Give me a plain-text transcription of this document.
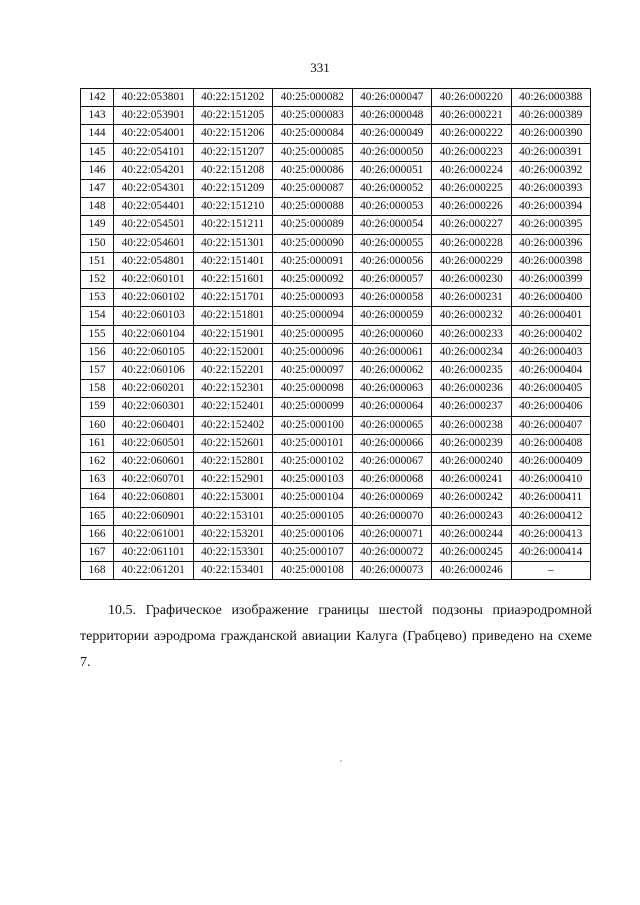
331
142	40:22:053801	40:22:151202	40:25:000082	40:26:000047	40:26:000220	40:26:000388
143	40:22:053901	40:22:151205	40:25:000083	40:26:000048	40:26:000221	40:26:000389
144	40:22:054001	40:22:151206	40:25:000084	40:26:000049	40:26:000222	40:26:000390
145	40:22:054101	40:22:151207	40:25:000085	40:26:000050	40:26:000223	40:26:000391
146	40:22:054201	40:22:151208	40:25:000086	40:26:000051	40:26:000224	40:26:000392
147	40:22:054301	40:22:151209	40:25:000087	40:26:000052	40:26:000225	40:26:000393
148	40:22:054401	40:22:151210	40:25:000088	40:26:000053	40:26:000226	40:26:000394
149	40:22:054501	40:22:151211	40:25:000089	40:26:000054	40:26:000227	40:26:000395
150	40:22:054601	40:22:151301	40:25:000090	40:26:000055	40:26:000228	40:26:000396
151	40:22:054801	40:22:151401	40:25:000091	40:26:000056	40:26:000229	40:26:000398
152	40:22:060101	40:22:151601	40:25:000092	40:26:000057	40:26:000230	40:26:000399
153	40:22:060102	40:22:151701	40:25:000093	40:26:000058	40:26:000231	40:26:000400
154	40:22:060103	40:22:151801	40:25:000094	40:26:000059	40:26:000232	40:26:000401
155	40:22:060104	40:22:151901	40:25:000095	40:26:000060	40:26:000233	40:26:000402
156	40:22:060105	40:22:152001	40:25:000096	40:26:000061	40:26:000234	40:26:000403
157	40:22:060106	40:22:152201	40:25:000097	40:26:000062	40:26:000235	40:26:000404
158	40:22:060201	40:22:152301	40:25:000098	40:26:000063	40:26:000236	40:26:000405
159	40:22:060301	40:22:152401	40:25:000099	40:26:000064	40:26:000237	40:26:000406
160	40:22:060401	40:22:152402	40:25:000100	40:26:000065	40:26:000238	40:26:000407
161	40:22:060501	40:22:152601	40:25:000101	40:26:000066	40:26:000239	40:26:000408
162	40:22:060601	40:22:152801	40:25:000102	40:26:000067	40:26:000240	40:26:000409
163	40:22:060701	40:22:152901	40:25:000103	40:26:000068	40:26:000241	40:26:000410
164	40:22:060801	40:22:153001	40:25:000104	40:26:000069	40:26:000242	40:26:000411
165	40:22:060901	40:22:153101	40:25:000105	40:26:000070	40:26:000243	40:26:000412
166	40:22:061001	40:22:153201	40:25:000106	40:26:000071	40:26:000244	40:26:000413
167	40:22:061101	40:22:153301	40:25:000107	40:26:000072	40:26:000245	40:26:000414
168	40:22:061201	40:22:153401	40:25:000108	40:26:000073	40:26:000246	–

10.5. Графическое изображение границы шестой подзоны приаэродромной территории аэродрома гражданской авиации Калуга (Грабцево) приведено на схеме 7.
